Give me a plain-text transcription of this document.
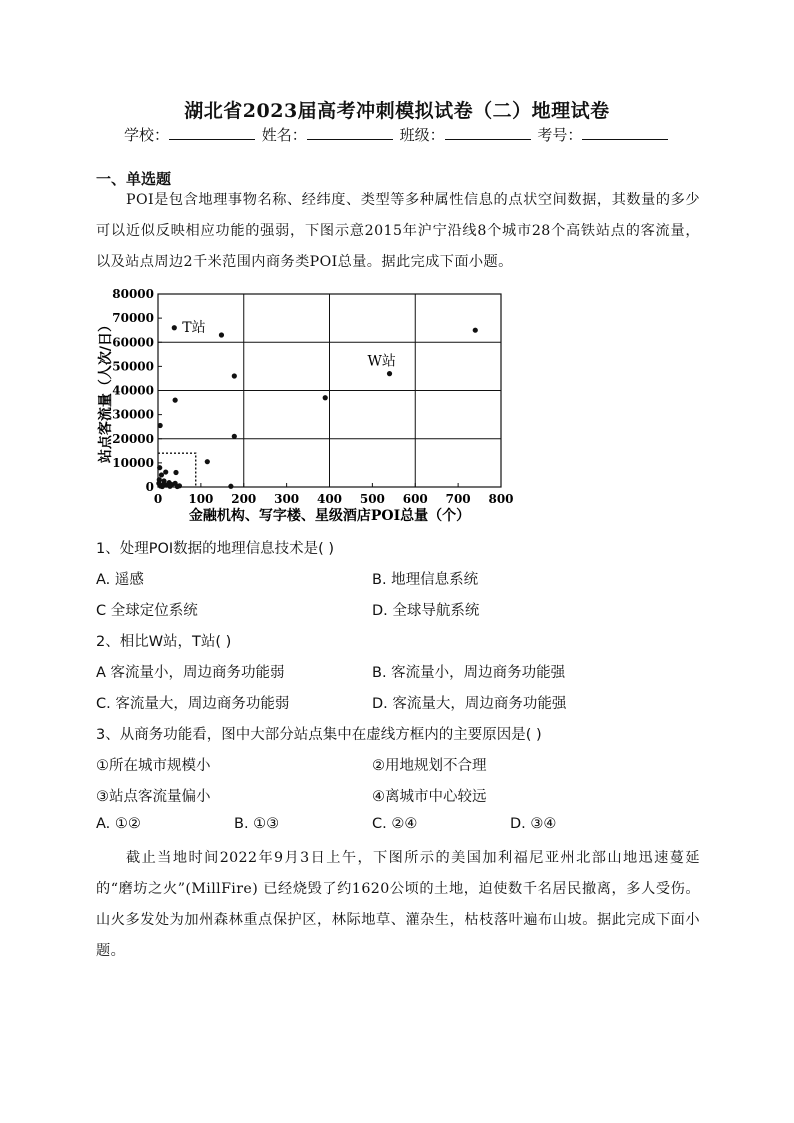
湖北省2023届高考冲刺模拟试卷（二）地理试卷
学校：	姓名：	班级：	考号：
一、单选题
POI是包含地理事物名称、经纬度、类型等多种属性信息的点状空间数据，其数量的多少可以近似反映相应功能的强弱，下图示意2015年沪宁沿线8个城市28个高铁站点的客流量，以及站点周边2千米范围内商务类POI总量。据此完成下面小题。
0 100 200 300 400 500 600 700 800
0
10000
20000
30000
40000
50000
60000
70000
80000
T站
W站
站点客流量（人次/日）
金融机构、写字楼、星级酒店POI总量（个）
1、处理POI数据的地理信息技术是( )
A. 遥感	B. 地理信息系统
C 全球定位系统	D. 全球导航系统
2、相比W站，T站( )
A 客流量小，周边商务功能弱	B. 客流量小，周边商务功能强
C. 客流量大，周边商务功能弱	D. 客流量大，周边商务功能强
3、从商务功能看，图中大部分站点集中在虚线方框内的主要原因是( )
①所在城市规模小	②用地规划不合理
③站点客流量偏小	④离城市中心较远
A. ①②	B. ①③	C. ②④	D. ③④
截止当地时间2022年9月3日上午，下图所示的美国加利福尼亚州北部山地迅速蔓延的“磨坊之火”(MillFire) 已经烧毁了约1620公顷的土地，迫使数千名居民撤离，多人受伤。山火多发处为加州森林重点保护区，林际地草、灌杂生，枯枝落叶遍布山坡。据此完成下面小题。
